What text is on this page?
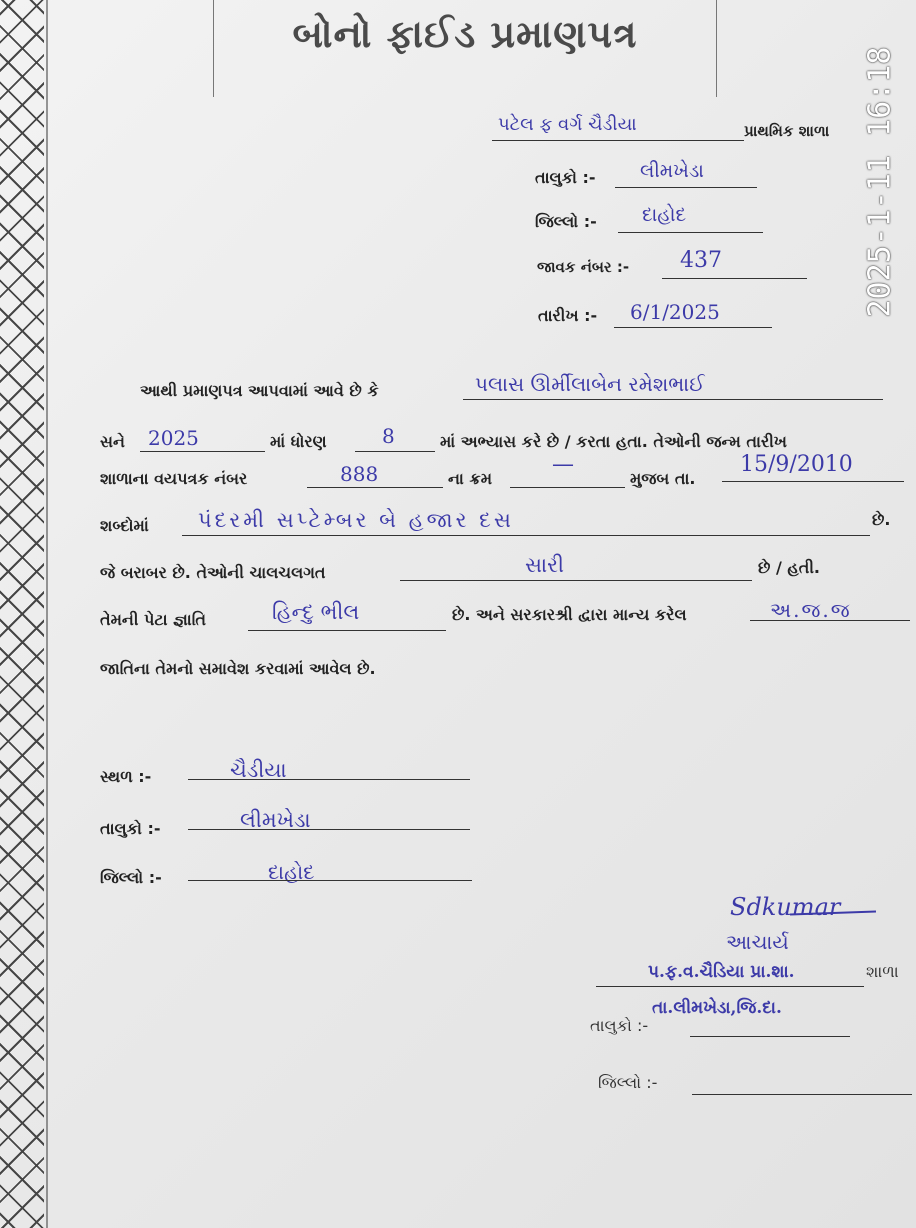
બોનો ફાઈડ પ્રમાણપત્ર
2025-1-11 16:18
પટેલ ફ વર્ગ ચૈડીયા	પ્રાથમિક શાળા
તાલુકો :- લીમખેડા
જિલ્લો :- દાહોદ
જાવક નંબર :- 437
તારીખ :- 6/1/2025
આથી પ્રમાણપત્ર આપવામાં આવે છે કે	પલાસ ઊર્મીલાબેન રમેશભાઈ
સને 2025	માં ધોરણ	8	માં અભ્યાસ કરે છે / કરતા હતા. તેઓની જન્મ તારીખ
શાળાના વયપત્રક નંબર	888	ના ક્રમ
—
મુજબ તા.
15/9/2010
શબ્દોમાં પંદરમી સપ્ટેમ્બર બે હજાર દસ	છે.
જે બરાબર છે. તેઓની ચાલચલગત	સારી	છે / હતી.
તેમની પેટા જ્ઞાતિ	હિન્દુ ભીલ	છે. અને સરકારશ્રી દ્વારા માન્ય કરેલ	અ.જ.જ
જાતિના તેમનો સમાવેશ કરવામાં આવેલ છે.
સ્થળ :-	ચૈડીયા
તાલુકો :-	લીમખેડા
જિલ્લો :-	દાહોદ
Sdkumar
આચાર્ય
પ.ફ.વ.ચૈડિયા પ્રા.શા.	શાળા
તાલુકો :-
તા.લીમખેડા,જિ.દા.
જિલ્લો :-
